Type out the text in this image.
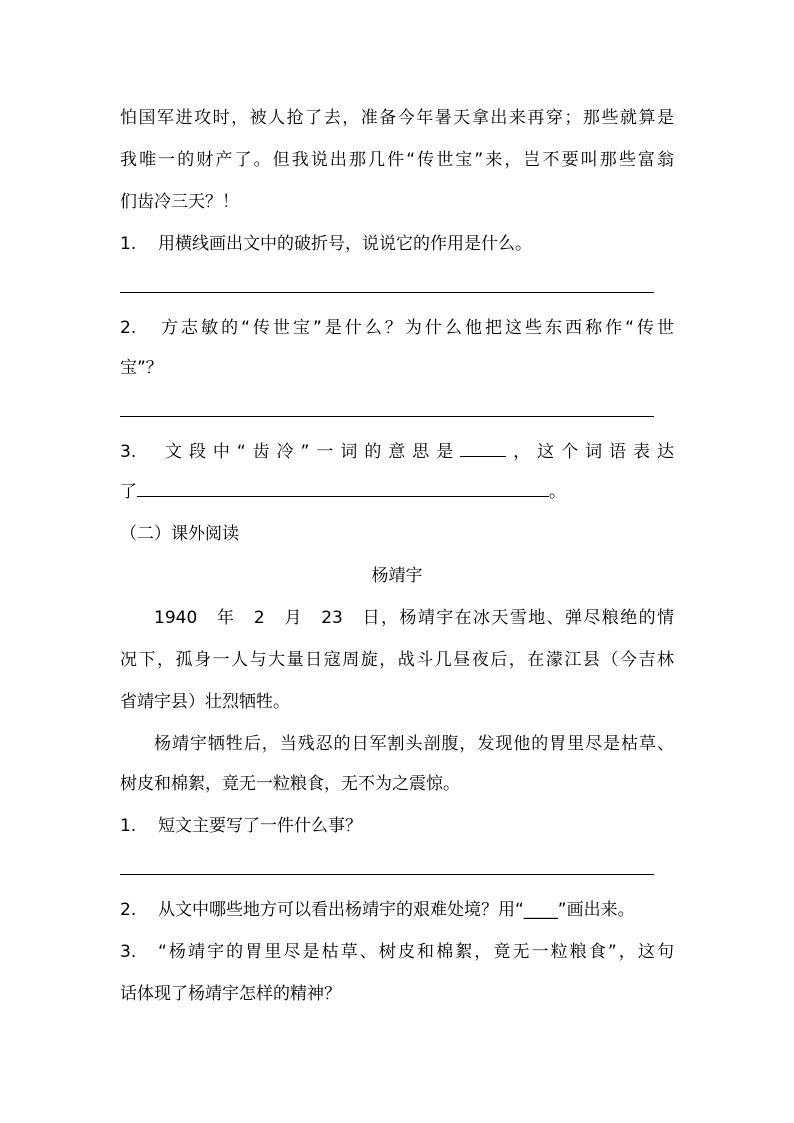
怕国军进攻时，被人抢了去，准备今年暑天拿出来再穿；那些就算是
我唯一的财产了。但我说出那几件“传世宝”来，岂不要叫那些富翁
们齿冷三天？！
1. 用横线画出文中的破折号，说说它的作用是什么。
2. 方志敏的“传世宝”是什么？为什么他把这些东西称作“传世
宝”？
3. 文段中“齿冷”一词的意思是	，这个词语表达
了	。
（二）课外阅读
杨靖宇
1940　年　2　月　23　日，杨靖宇在冰天雪地、弹尽粮绝的情
况下，孤身一人与大量日寇周旋，战斗几昼夜后，在濛江县（今吉林
省靖宇县）壮烈牺牲。
杨靖宇牺牲后，当残忍的日军割头剖腹，发现他的胃里尽是枯草、
树皮和棉絮，竟无一粒粮食，无不为之震惊。
1. 短文主要写了一件什么事？
2. 从文中哪些地方可以看出杨靖宇的艰难处境？用“____”画出来。
3. “杨靖宇的胃里尽是枯草、树皮和棉絮，竟无一粒粮食”，这句
话体现了杨靖宇怎样的精神？
